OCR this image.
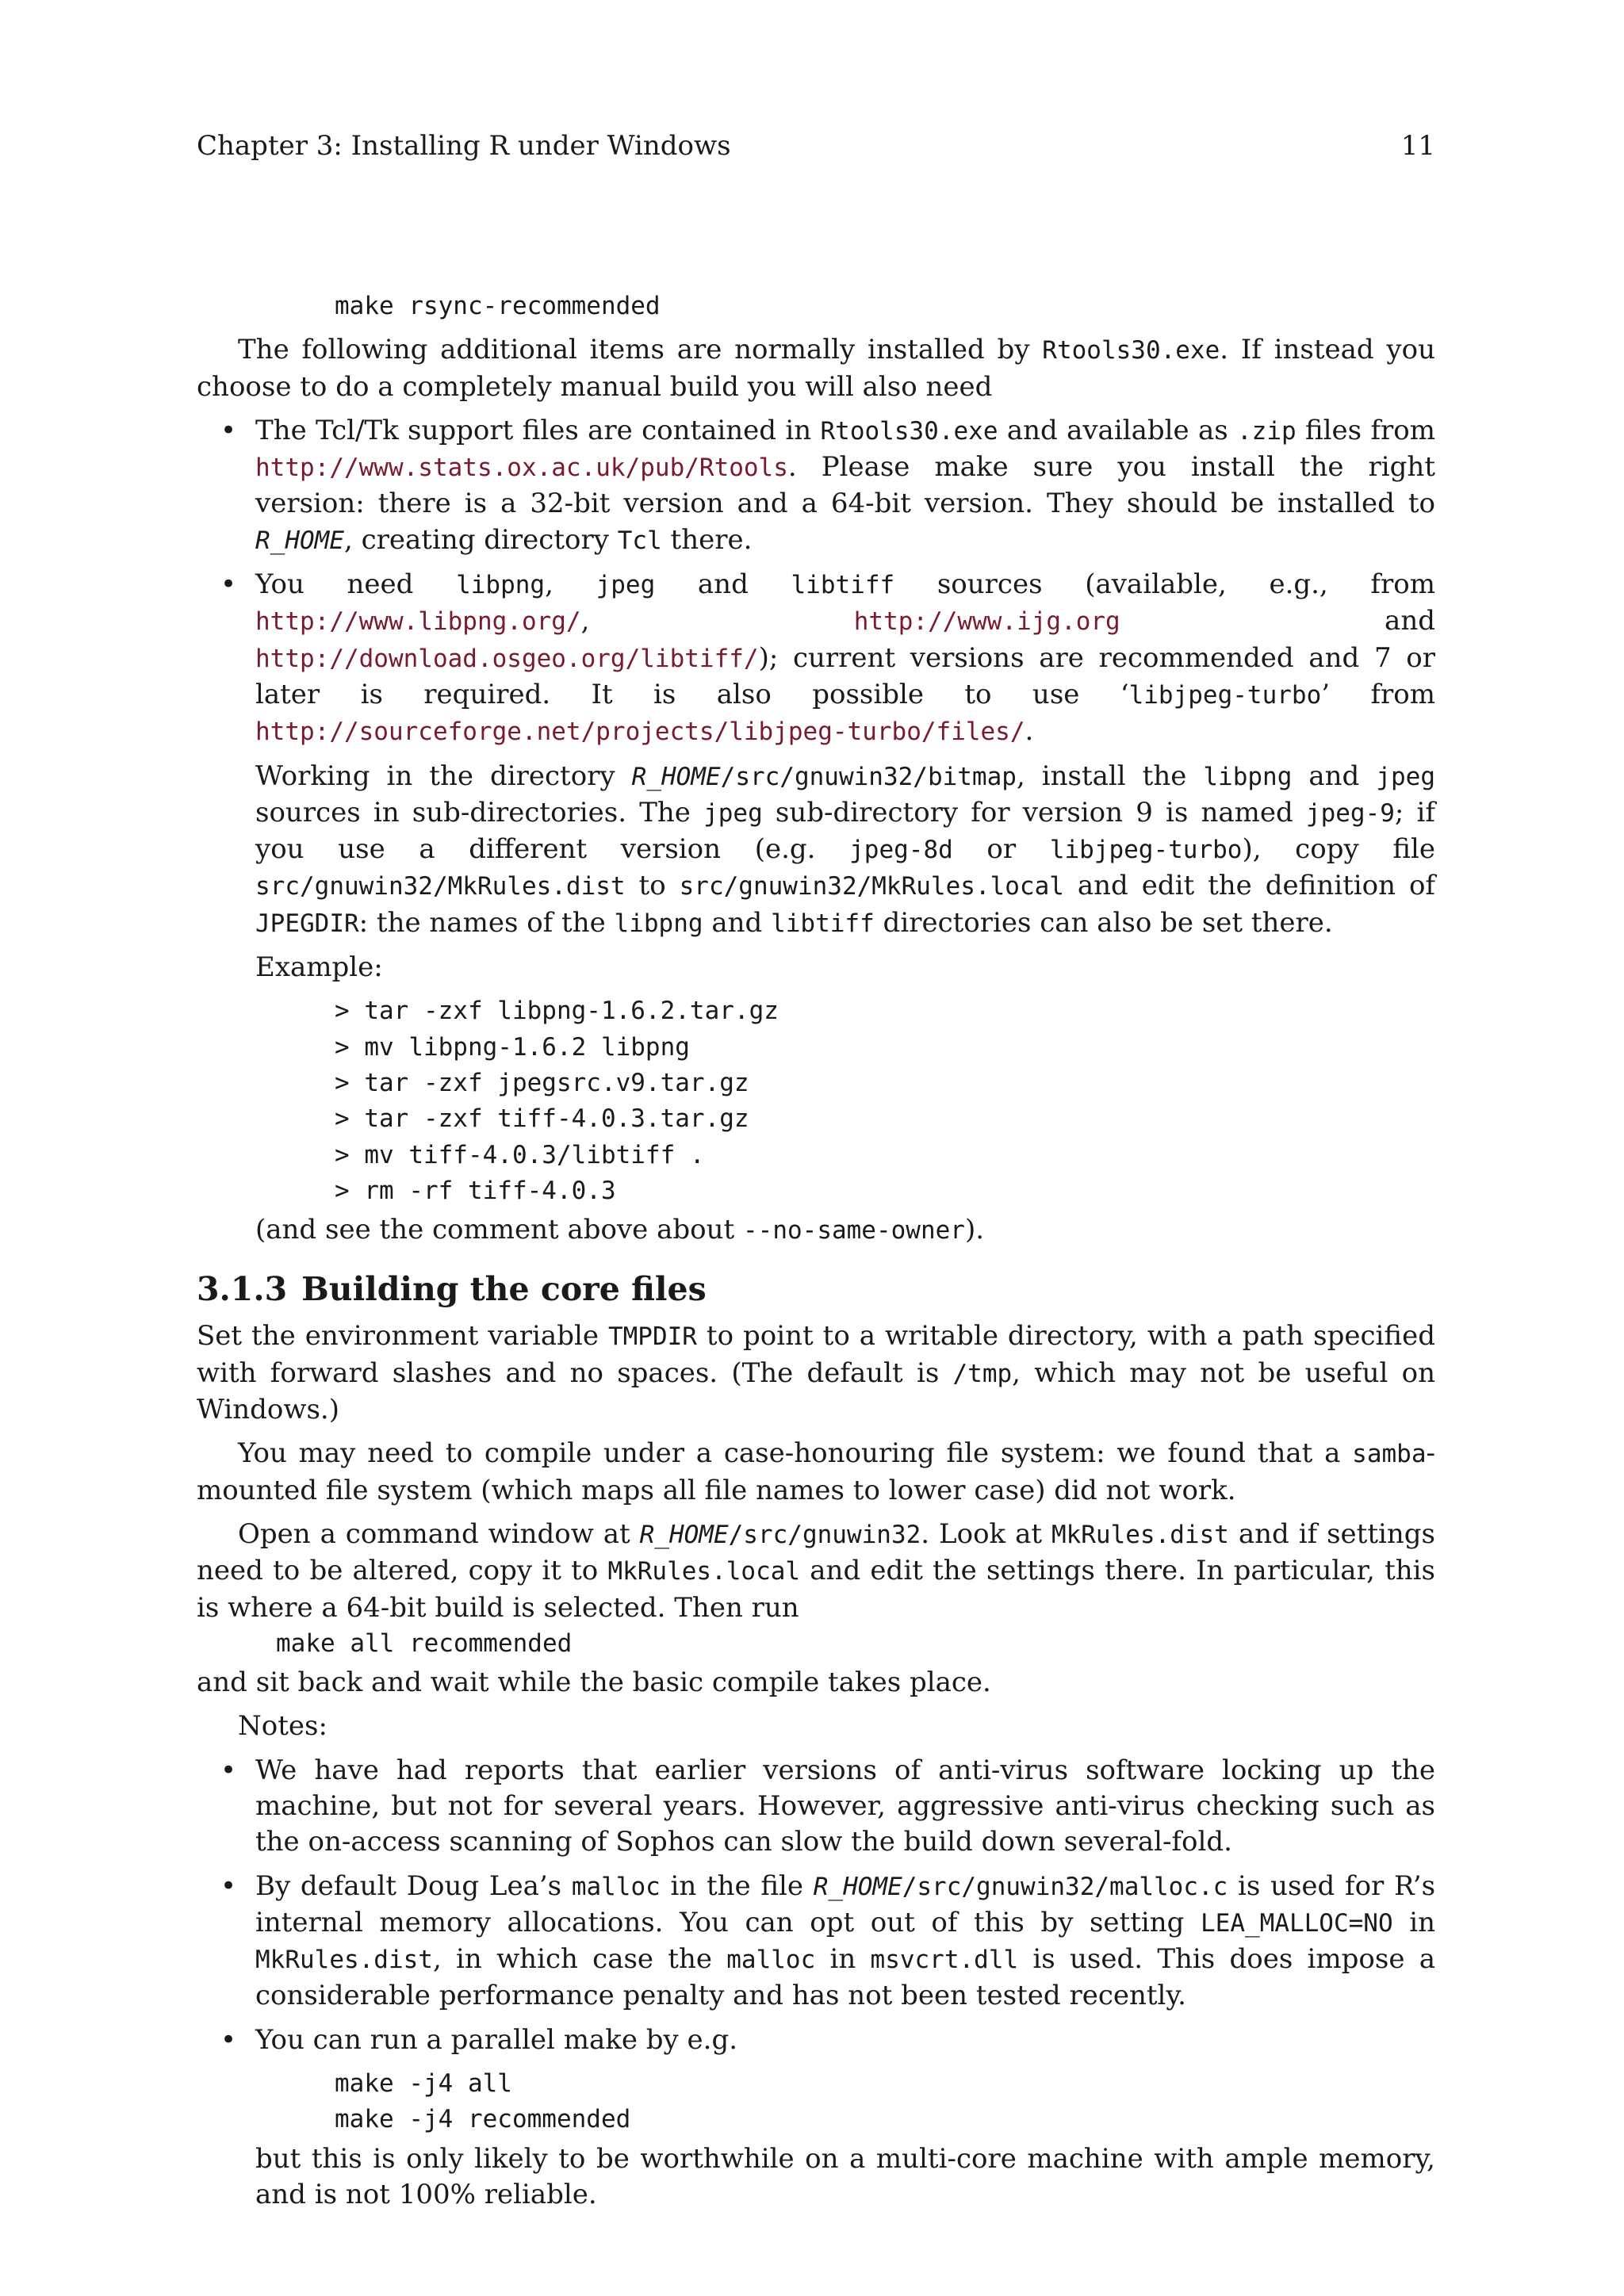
Chapter 3: Installing R under Windows	11
make rsync-recommended

The following additional items are normally installed by Rtools30.exe. If instead you choose to do a completely manual build you will also need

• The Tcl/Tk support files are contained in Rtools30.exe and available as .zip files from http://www.stats.ox.ac.uk/pub/Rtools. Please make sure you install the right version: there is a 32-bit version and a 64-bit version. They should be installed to R_HOME, creating directory Tcl there.

• You need libpng, jpeg and libtiff sources (available, e.g., from http://www.libpng.org/, http://www.ijg.org and http://download.osgeo.org/libtiff/); current versions are recommended and 7 or later is required. It is also possible to use ‘libjpeg-turbo’ from http://sourceforge.net/projects/libjpeg-turbo/files/.

Working in the directory R_HOME/src/gnuwin32/bitmap, install the libpng and jpeg sources in sub-directories. The jpeg sub-directory for version 9 is named jpeg-9; if you use a different version (e.g. jpeg-8d or libjpeg-turbo), copy file src/gnuwin32/MkRules.dist to src/gnuwin32/MkRules.local and edit the definition of JPEGDIR: the names of the libpng and libtiff directories can also be set there.

Example:

> tar -zxf libpng-1.6.2.tar.gz
> mv libpng-1.6.2 libpng
> tar -zxf jpegsrc.v9.tar.gz
> tar -zxf tiff-4.0.3.tar.gz
> mv tiff-4.0.3/libtiff .
> rm -rf tiff-4.0.3

(and see the comment above about --no-same-owner).

3.1.3 Building the core files

Set the environment variable TMPDIR to point to a writable directory, with a path specified with forward slashes and no spaces. (The default is /tmp, which may not be useful on Windows.)

You may need to compile under a case-honouring file system: we found that a samba-mounted file system (which maps all file names to lower case) did not work.

Open a command window at R_HOME/src/gnuwin32. Look at MkRules.dist and if settings need to be altered, copy it to MkRules.local and edit the settings there. In particular, this is where a 64-bit build is selected. Then run

make all recommended

and sit back and wait while the basic compile takes place.

Notes:

• We have had reports that earlier versions of anti-virus software locking up the machine, but not for several years. However, aggressive anti-virus checking such as the on-access scanning of Sophos can slow the build down several-fold.

• By default Doug Lea’s malloc in the file R_HOME/src/gnuwin32/malloc.c is used for R’s internal memory allocations. You can opt out of this by setting LEA_MALLOC=NO in MkRules.dist, in which case the malloc in msvcrt.dll is used. This does impose a considerable performance penalty and has not been tested recently.

• You can run a parallel make by e.g.

make -j4 all
make -j4 recommended

but this is only likely to be worthwhile on a multi-core machine with ample memory, and is not 100% reliable.
